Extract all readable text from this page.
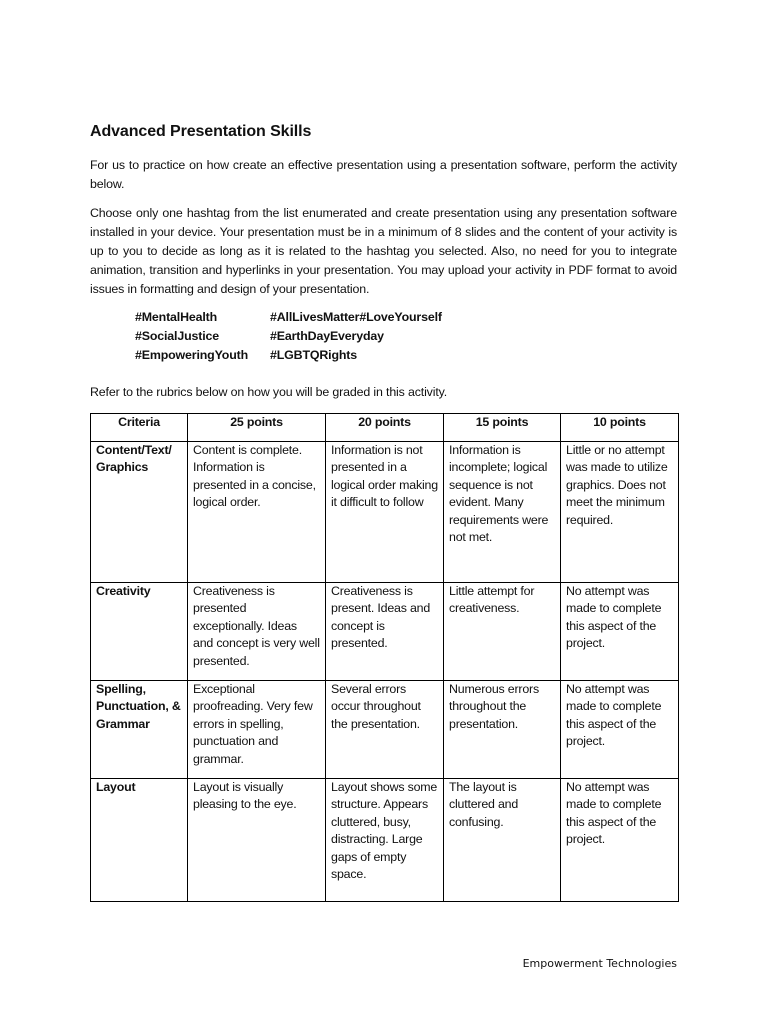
Advanced Presentation Skills
For us to practice on how create an effective presentation using a presentation software, perform the activity below.
Choose only one hashtag from the list enumerated and create presentation using any presentation software installed in your device. Your presentation must be in a minimum of 8 slides and the content of your activity is up to you to decide as long as it is related to the hashtag you selected. Also, no need for you to integrate animation, transition and hyperlinks in your presentation. You may upload your activity in PDF format to avoid issues in formatting and design of your presentation.
#MentalHealth	#AllLivesMatter#LoveYourself
#SocialJustice	#EarthDayEveryday
#EmpoweringYouth	#LGBTQRights
Refer to the rubrics below on how you will be graded in this activity.
Criteria	25 points	20 points	15 points	10 points
Content/Text/ Graphics	Content is complete. Information is presented in a concise, logical order.	Information is not presented in a logical order making it difficult to follow	Information is incomplete; logical sequence is not evident. Many requirements were not met.	Little or no attempt was made to utilize graphics. Does not meet the minimum required.
Creativity	Creativeness is presented exceptionally. Ideas and concept is very well presented.	Creativeness is present. Ideas and concept is presented.	Little attempt for creativeness.	No attempt was made to complete this aspect of the project.
Spelling, Punctuation, & Grammar	Exceptional proofreading. Very few errors in spelling, punctuation and grammar.	Several errors occur throughout the presentation.	Numerous errors throughout the presentation.	No attempt was made to complete this aspect of the project.
Layout	Layout is visually pleasing to the eye.	Layout shows some structure. Appears cluttered, busy, distracting. Large gaps of empty space.	The layout is cluttered and confusing.	No attempt was made to complete this aspect of the project.
Empowerment Technologies
